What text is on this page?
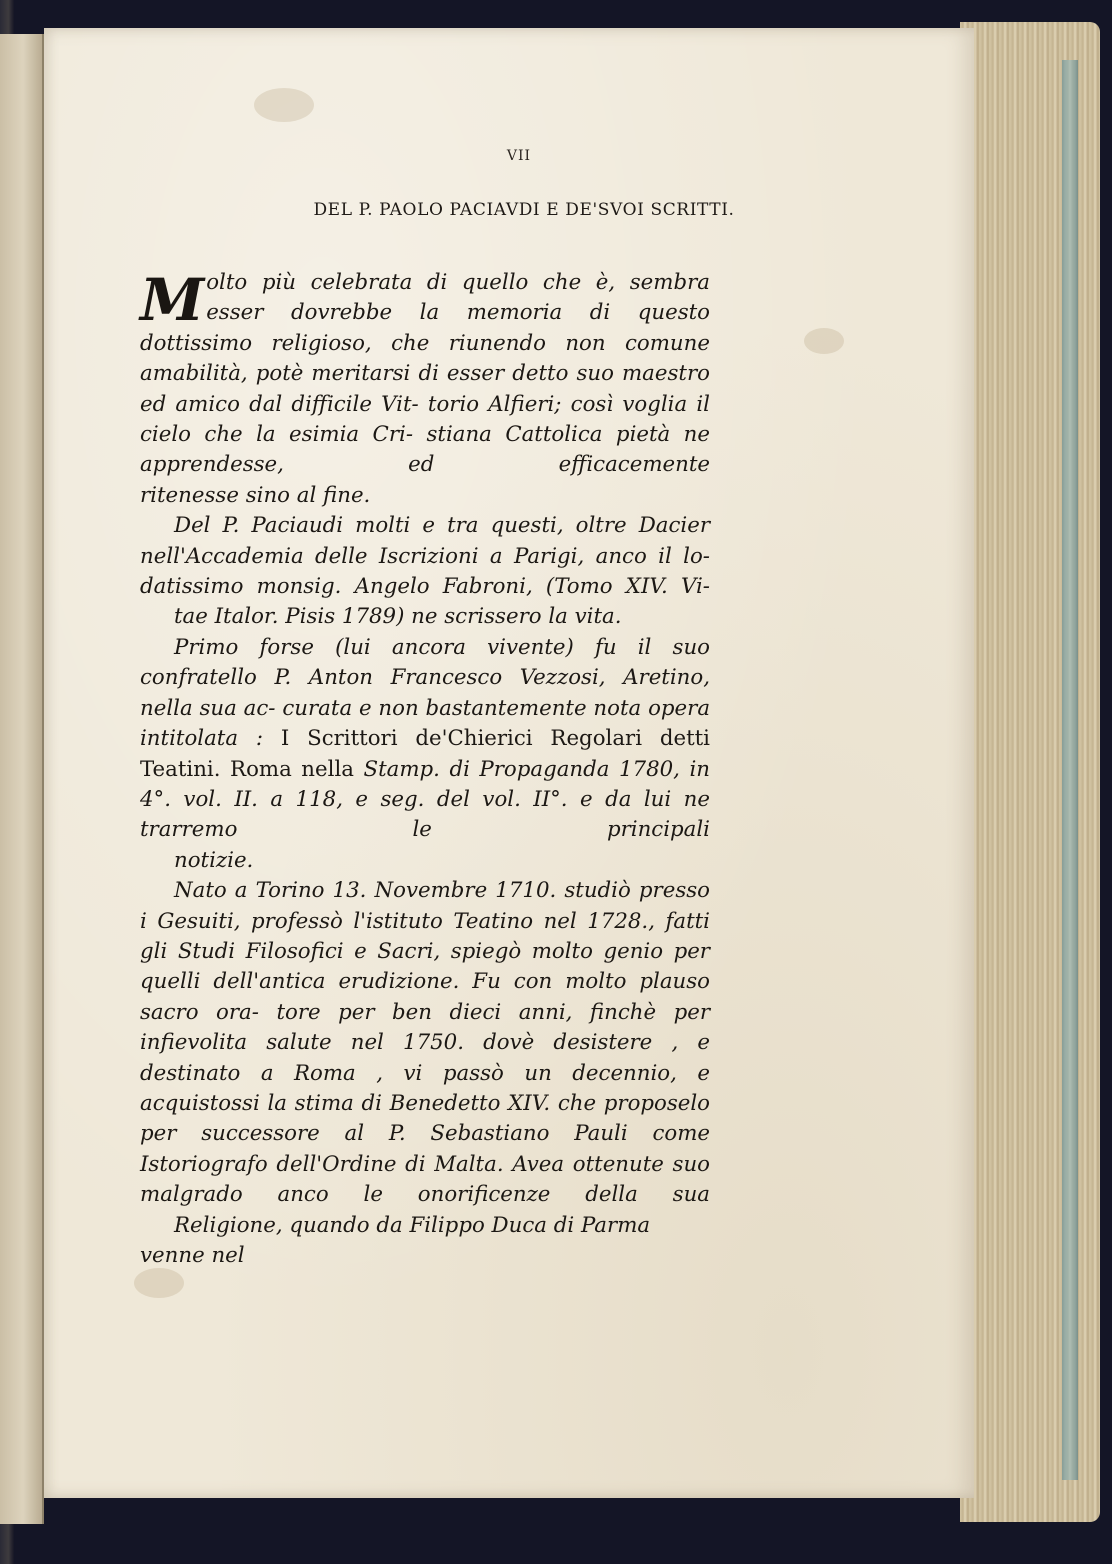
VII
DEL P. PAOLO PACIAVDI E DE'SVOI SCRITTI.

Molto più celebrata di quello che è, sembra esser dovrebbe la memoria di questo dottissimo religioso, che riunendo non comune amabilità, potè meritarsi di esser detto suo maestro ed amico dal difficile Vit- torio Alfieri; così voglia il cielo che la esimia Cri- stiana Cattolica pietà ne apprendesse, ed efficacemente
ritenesse sino al fine.

Del P. Paciaudi molti e tra questi, oltre Dacier nell'Accademia delle Iscrizioni a Parigi, anco il lo- datissimo monsig. Angelo Fabroni, (Tomo XIV. Vi-
tae Italor. Pisis 1789) ne scrissero la vita.

Primo forse (lui ancora vivente) fu il suo confratello P. Anton Francesco Vezzosi, Aretino, nella sua ac- curata e non bastantemente nota opera intitolata : I Scrittori de'Chierici Regolari detti Teatini. Roma nella Stamp. di Propaganda 1780, in 4°. vol. II. a 118, e seg. del vol. II°. e da lui ne trarremo le principali
notizie.

Nato a Torino 13. Novembre 1710. studiò presso i Gesuiti, professò l'istituto Teatino nel 1728., fatti gli Studi Filosofici e Sacri, spiegò molto genio per quelli dell'antica erudizione. Fu con molto plauso sacro ora- tore per ben dieci anni, finchè per infievolita salute nel 1750. dovè desistere , e destinato a Roma , vi passò un decennio, e acquistossi la stima di Benedetto XIV. che proposelo per successore al P. Sebastiano Pauli come Istoriografo dell'Ordine di Malta. Avea ottenute suo malgrado anco le onorificenze della sua
Religione, quando da Filippo Duca di Parma venne nel
